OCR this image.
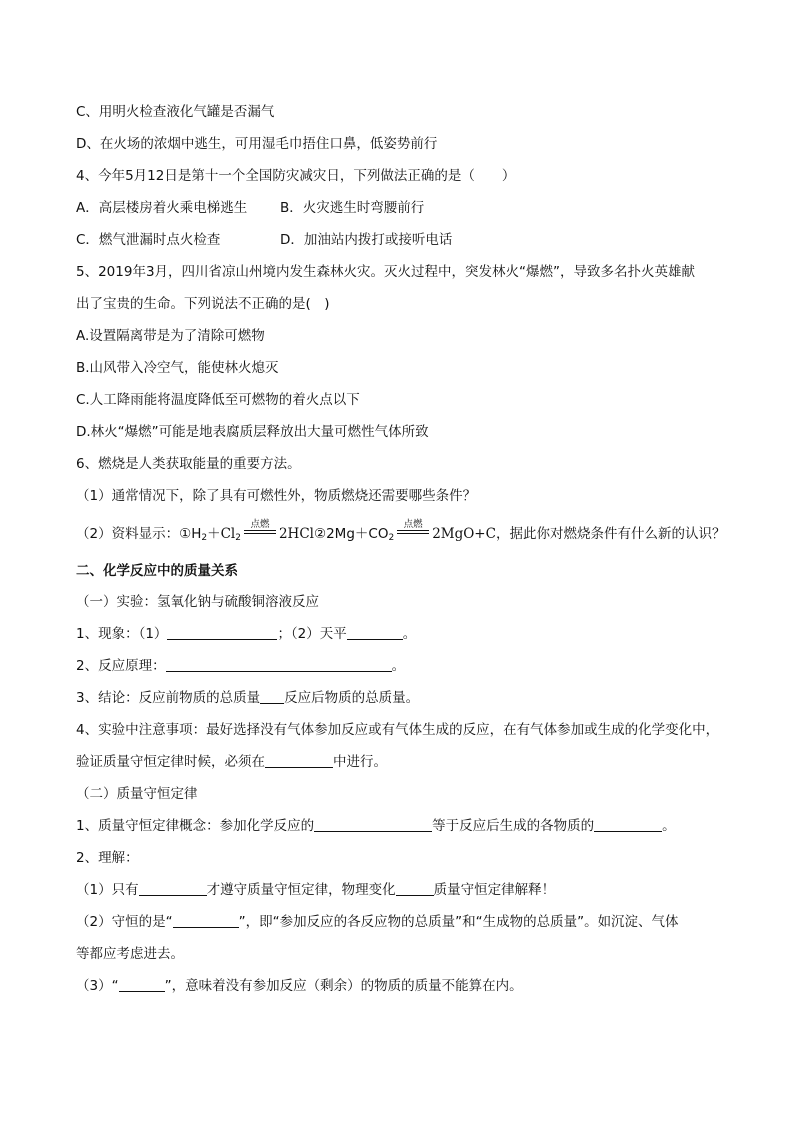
C、用明火检查液化气罐是否漏气
D、在火场的浓烟中逃生，可用湿毛巾捂住口鼻，低姿势前行
4、今年5月12日是第十一个全国防灾减灾日，下列做法正确的是（　　）
A．高层楼房着火乘电梯逃生 B．火灾逃生时弯腰前行
C．燃气泄漏时点火检查	D．加油站内拨打或接听电话
5、2019年3月，四川省凉山州境内发生森林火灾。灭火过程中，突发林火“爆燃”，导致多名扑火英雄献
出了宝贵的生命。下列说法不正确的是(　)
A.设置隔离带是为了清除可燃物
B.山风带入冷空气，能使林火熄灭
C.人工降雨能将温度降低至可燃物的着火点以下
D.林火“爆燃”可能是地表腐质层释放出大量可燃性气体所致
6、燃烧是人类获取能量的重要方法。
（1）通常情况下，除了具有可燃性外，物质燃烧还需要哪些条件？
（2）资料显示：$①H_2+Cl_2$
点燃
$2HCl②2Mg+CO_2$
点燃
2MgO+C，据此你对燃烧条件有什么新的认识？
二、化学反应中的质量关系
（一）实验：氢氧化钠与硫酸铜溶液反应
1、现象：（1）	；（2）天平	。
2、反应原理：	。
3、结论：反应前物质的总质量 反应后物质的总质量。
4、实验中注意事项：最好选择没有气体参加反应或有气体生成的反应，在有气体参加或生成的化学变化中，
验证质量守恒定律时候，必须在	中进行。
（二）质量守恒定律
1、质量守恒定律概念：参加化学反应的	等于反应后生成的各物质的	。
2、理解：
（1）只有	才遵守质量守恒定律，物理变化	质量守恒定律解释！
（2）守恒的是“	”，即“参加反应的各反应物的总质量”和“生成物的总质量”。如沉淀、气体
等都应考虑进去。
（3）“	”，意味着没有参加反应（剩余）的物质的质量不能算在内。
